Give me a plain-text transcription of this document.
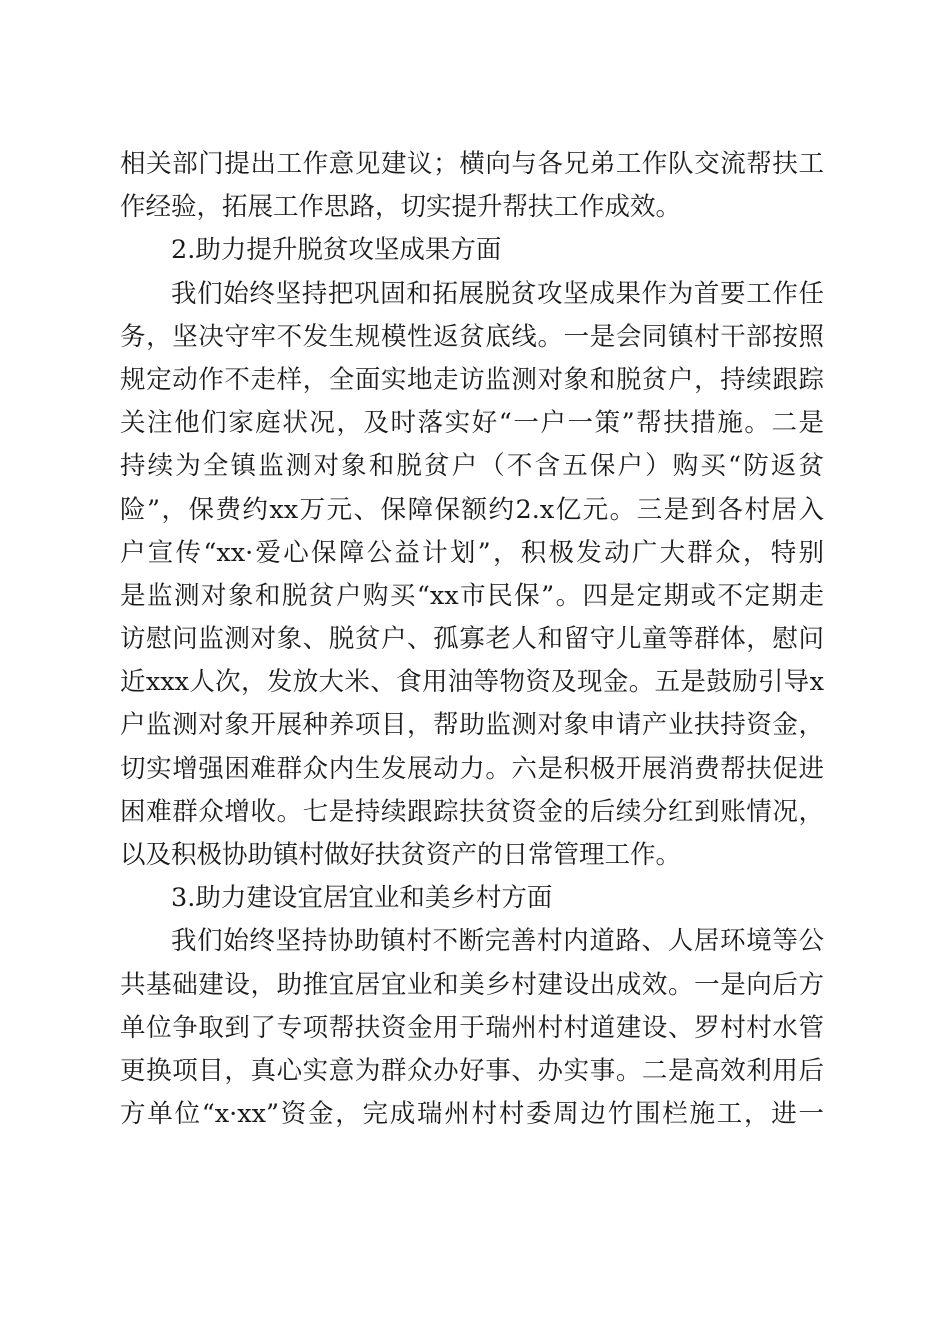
相关部门提出工作意见建议；横向与各兄弟工作队交流帮扶工
作经验，拓展工作思路，切实提升帮扶工作成效。
2.助力提升脱贫攻坚成果方面
我们始终坚持把巩固和拓展脱贫攻坚成果作为首要工作任
务，坚决守牢不发生规模性返贫底线。一是会同镇村干部按照
规定动作不走样，全面实地走访监测对象和脱贫户，持续跟踪
关注他们家庭状况，及时落实好“一户一策”帮扶措施。二是
持续为全镇监测对象和脱贫户（不含五保户）购买“防返贫
险”，保费约xx万元、保障保额约2.x亿元。三是到各村居入
户宣传“xx·爱心保障公益计划”，积极发动广大群众，特别
是监测对象和脱贫户购买“xx市民保”。四是定期或不定期走
访慰问监测对象、脱贫户、孤寡老人和留守儿童等群体，慰问
近xxx人次，发放大米、食用油等物资及现金。五是鼓励引导x
户监测对象开展种养项目，帮助监测对象申请产业扶持资金，
切实增强困难群众内生发展动力。六是积极开展消费帮扶促进
困难群众增收。七是持续跟踪扶贫资金的后续分红到账情况，
以及积极协助镇村做好扶贫资产的日常管理工作。
3.助力建设宜居宜业和美乡村方面
我们始终坚持协助镇村不断完善村内道路、人居环境等公
共基础建设，助推宜居宜业和美乡村建设出成效。一是向后方
单位争取到了专项帮扶资金用于瑞州村村道建设、罗村村水管
更换项目，真心实意为群众办好事、办实事。二是高效利用后
方单位“x·xx”资金，完成瑞州村村委周边竹围栏施工，进一
